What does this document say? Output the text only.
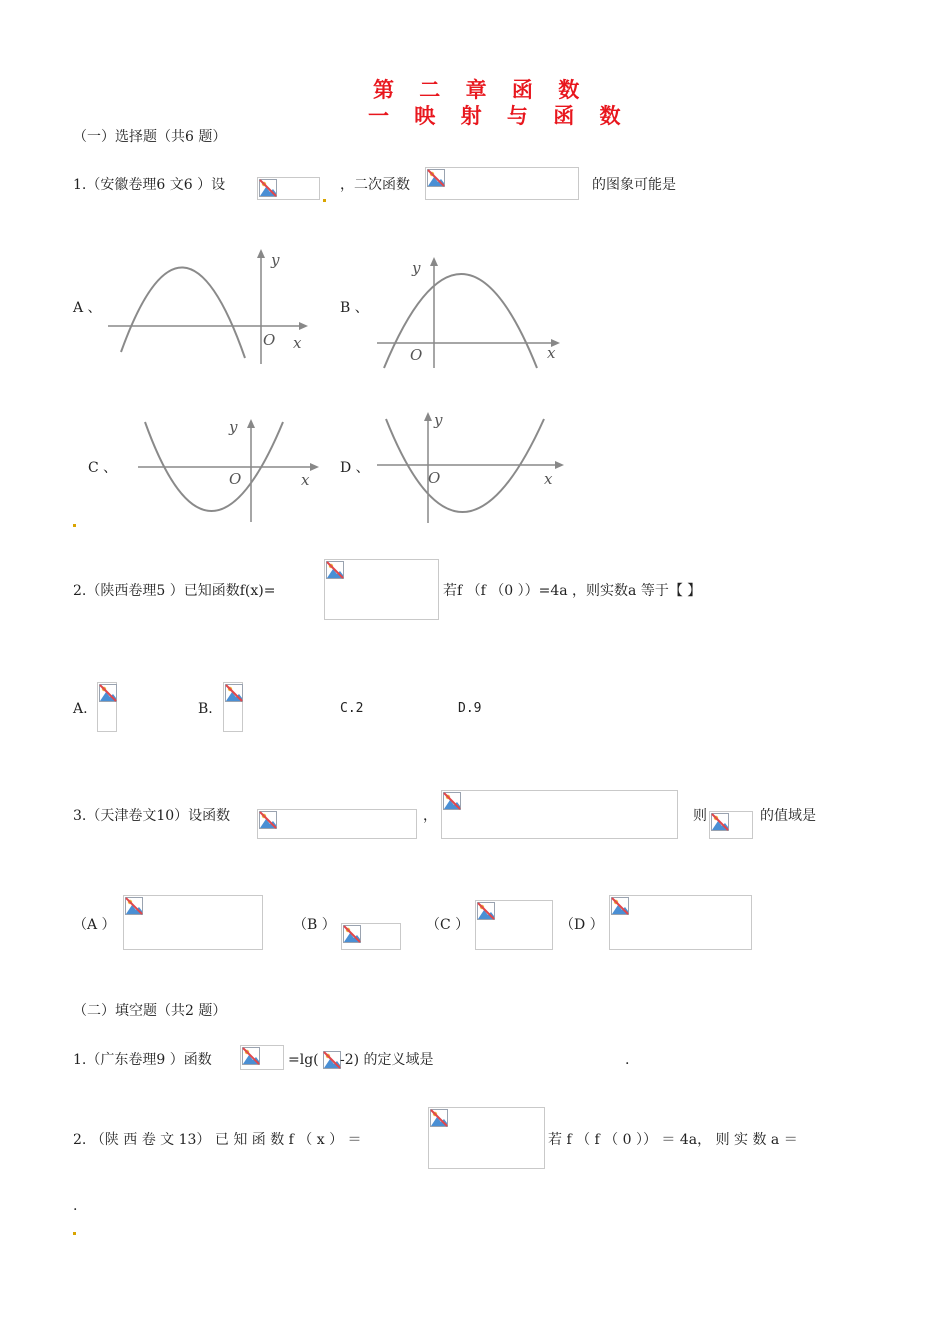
第 二 章 函 数
一 映 射 与 函 数
（一）选择题（共6 题）
1.（安徽卷理6 文6 ）设	，二次函数	的图象可能是
A 、
y
O x
B 、
y
O	x
C 、
y
O	x
D 、
y
O	x
2.（陕西卷理5 ）已知函数f(x)=	若f （f （0 ））=4a ，则实数a 等于【 】
A.	B.	C.2	D.9
3.（天津卷文10）设函数	，	则	的值域是
（A ）	（B ）	（C ）	（D ）
（二）填空题（共2 题）
1.（广东卷理9 ）函数	=lg( -2) 的定义域是	.
2. （陕 西 卷 文 13） 已 知 函 数 f （ x ） ＝	若 f （ f （ 0 ）） ＝ 4a， 则 实 数 a ＝
.
